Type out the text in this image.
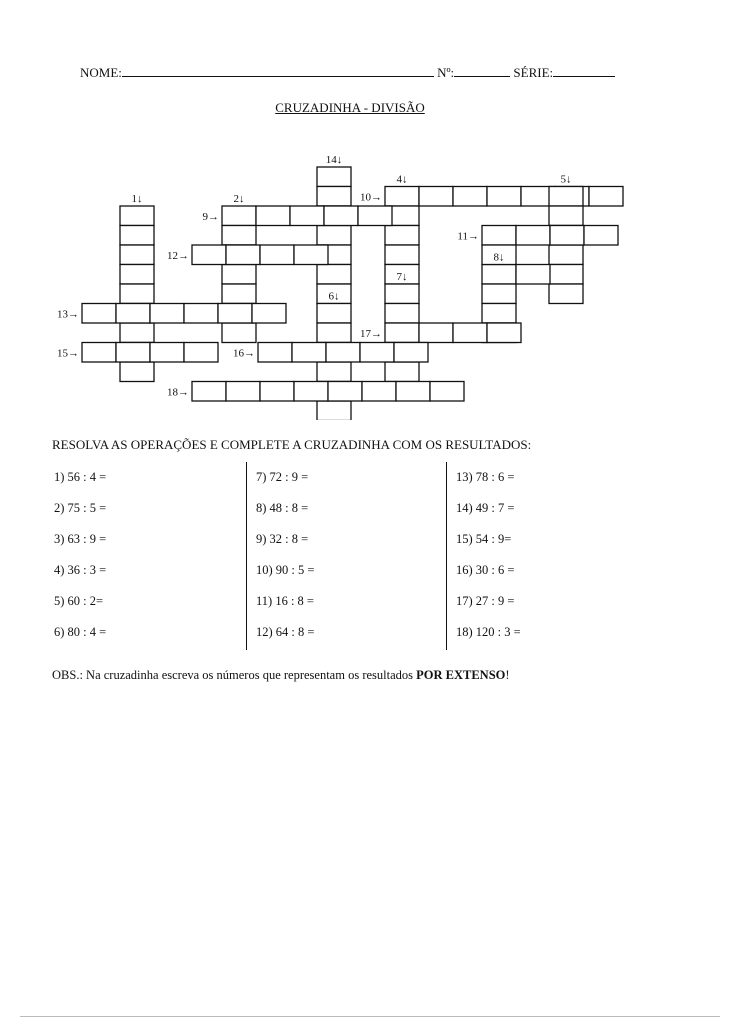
NOME:	Nº:	SÉRIE:
CRUZADINHA - DIVISÃO
14↓
10→
4↓	5↓
1↓	2↓
9→
11→
12→	8↓
7↓
13→
6↓
17→
15→	16→
18→
RESOLVA AS OPERAÇÕES E COMPLETE A CRUZADINHA COM OS RESULTADOS:
1) 56 : 4 =
2) 75 : 5 =
3) 63 : 9 =
4) 36 : 3 =
5) 60 : 2=
6) 80 : 4 =
7) 72 : 9 =
8) 48 : 8 =
9) 32 : 8 =
10) 90 : 5 =
11) 16 : 8 =
12) 64 : 8 =
13) 78 : 6 =
14) 49 : 7 =
15) 54 : 9=
16) 30 : 6 =
17) 27 : 9 =
18) 120 : 3 =
OBS.: Na cruzadinha escreva os números que representam os resultados POR EXTENSO!
